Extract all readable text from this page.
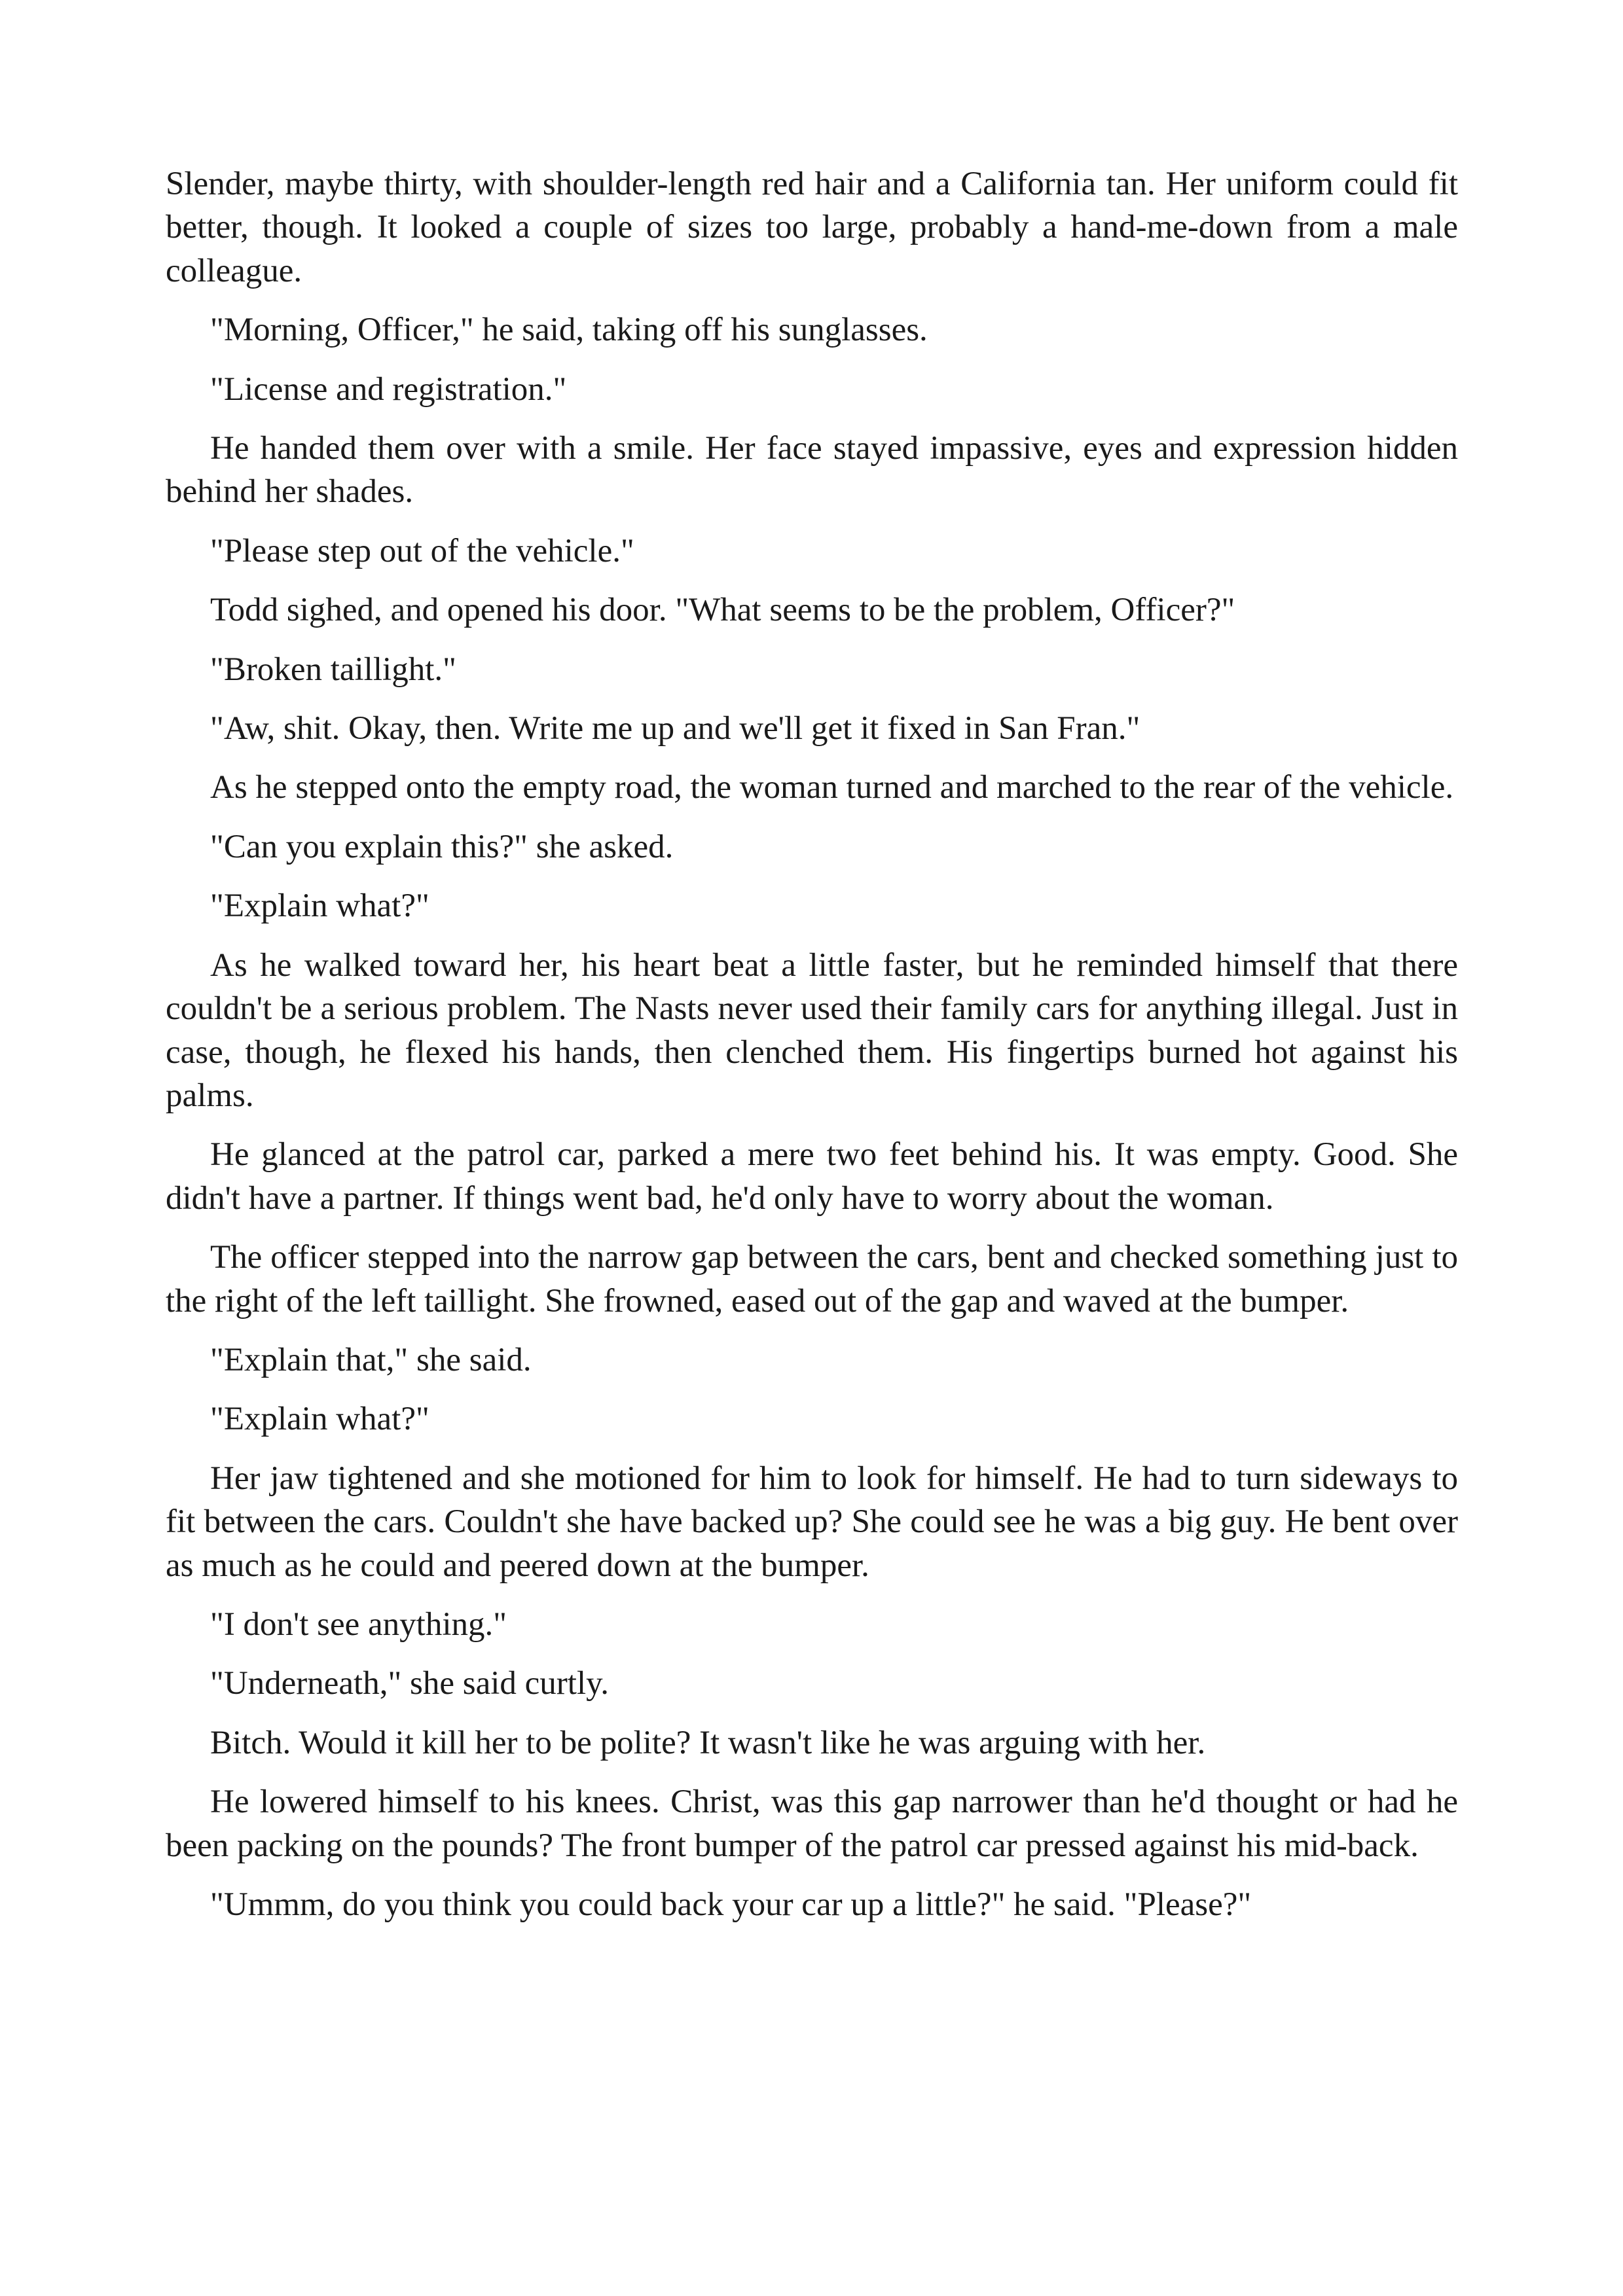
Slender, maybe thirty, with shoulder-length red hair and a California tan. Her uniform could fit better, though. It looked a couple of sizes too large, probably a hand-me-down from a male colleague.

"Morning, Officer," he said, taking off his sunglasses.

"License and registration."

He handed them over with a smile. Her face stayed impassive, eyes and expression hidden behind her shades.

"Please step out of the vehicle."

Todd sighed, and opened his door. "What seems to be the problem, Officer?"

"Broken taillight."

"Aw, shit. Okay, then. Write me up and we'll get it fixed in San Fran."

As he stepped onto the empty road, the woman turned and marched to the rear of the vehicle.

"Can you explain this?" she asked.

"Explain what?"

As he walked toward her, his heart beat a little faster, but he reminded himself that there couldn't be a serious problem. The Nasts never used their family cars for anything illegal. Just in case, though, he flexed his hands, then clenched them. His fingertips burned hot against his palms.

He glanced at the patrol car, parked a mere two feet behind his. It was empty. Good. She didn't have a partner. If things went bad, he'd only have to worry about the woman.

The officer stepped into the narrow gap between the cars, bent and checked something just to the right of the left taillight. She frowned, eased out of the gap and waved at the bumper.

"Explain that," she said.

"Explain what?"

Her jaw tightened and she motioned for him to look for himself. He had to turn sideways to fit between the cars. Couldn't she have backed up? She could see he was a big guy. He bent over as much as he could and peered down at the bumper.

"I don't see anything."

"Underneath," she said curtly.

Bitch. Would it kill her to be polite? It wasn't like he was arguing with her.

He lowered himself to his knees. Christ, was this gap narrower than he'd thought or had he been packing on the pounds? The front bumper of the patrol car pressed against his mid-back.

"Ummm, do you think you could back your car up a little?" he said. "Please?"
